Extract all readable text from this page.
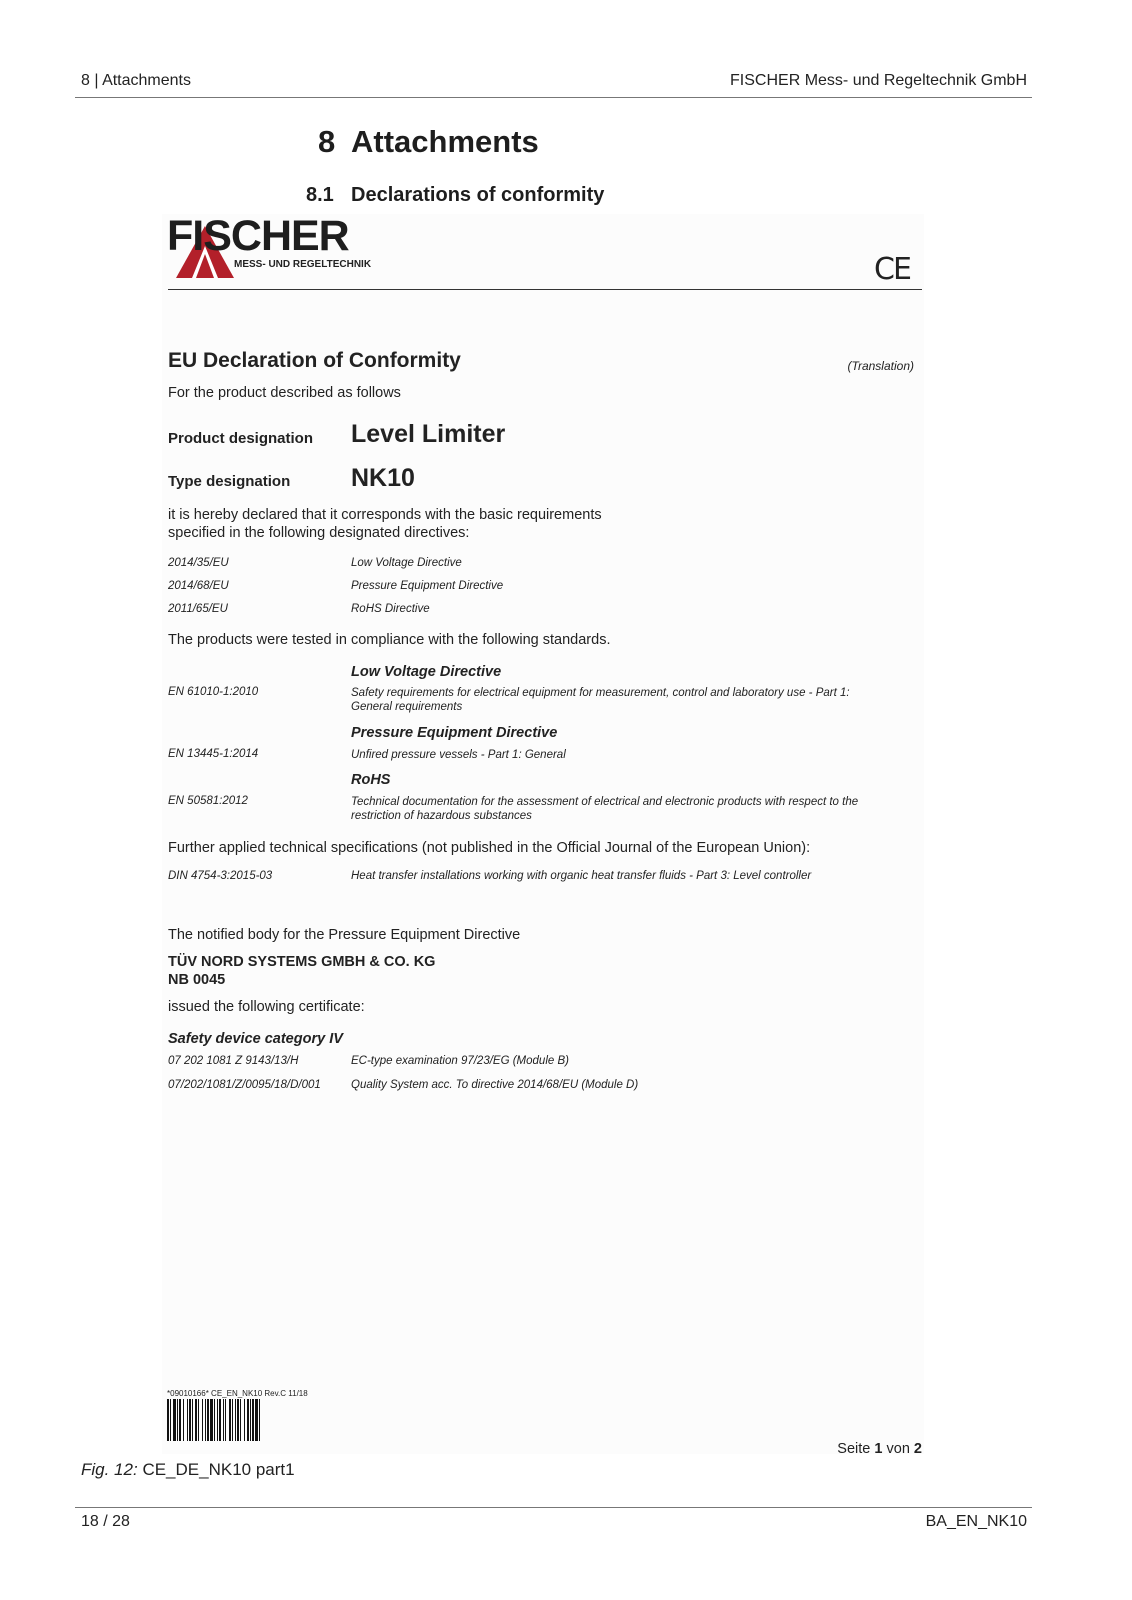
8 | Attachments	FISCHER Mess- und Regeltechnik GmbH
8 Attachments
8.1 Declarations of conformity
FISCHER
MESS- UND REGELTECHNIK	CE
EU Declaration of Conformity	(Translation)
For the product described as follows
Product designation Level Limiter
Type designation NK10
it is hereby declared that it corresponds with the basic requirements
specified in the following designated directives:
2014/35/EU	Low Voltage Directive
2014/68/EU	Pressure Equipment Directive
2011/65/EU	RoHS Directive
The products were tested in compliance with the following standards.
Low Voltage Directive
EN 61010-1:2010	Safety requirements for electrical equipment for measurement, control and laboratory use - Part 1: General requirements
Pressure Equipment Directive
EN 13445-1:2014	Unfired pressure vessels - Part 1: General
RoHS
EN 50581:2012	Technical documentation for the assessment of electrical and electronic products with respect to the restriction of hazardous substances
Further applied technical specifications (not published in the Official Journal of the European Union):
DIN 4754-3:2015-03	Heat transfer installations working with organic heat transfer fluids - Part 3: Level controller
The notified body for the Pressure Equipment Directive
TÜV NORD SYSTEMS GMBH & CO. KG
NB 0045
issued the following certificate:
Safety device category IV
07 202 1081 Z 9143/13/H	EC-type examination 97/23/EG (Module B)
07/202/1081/Z/0095/18/D/001	Quality System acc. To directive 2014/68/EU (Module D)
*09010166* CE_EN_NK10 Rev.C 11/18
Seite 1 von 2
Fig. 12: CE_DE_NK10 part1
18 / 28	BA_EN_NK10
